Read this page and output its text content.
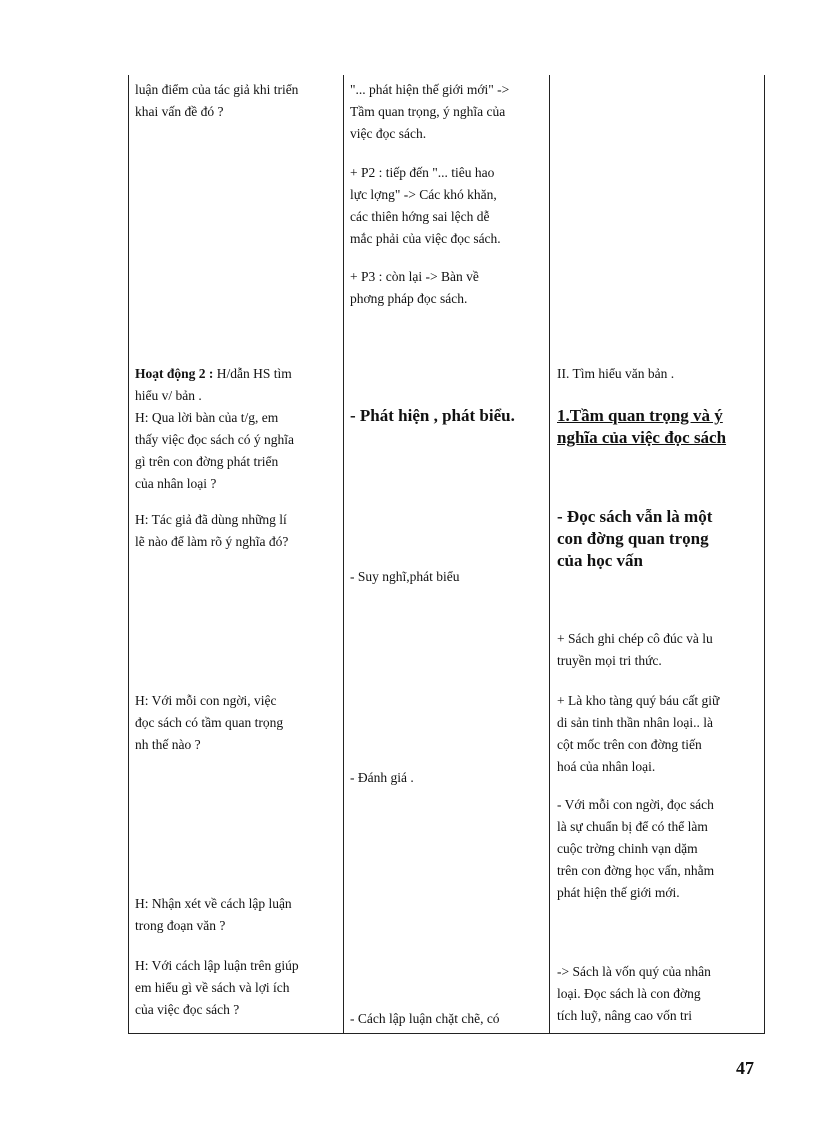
luận điểm của tác giả khi triển

khai vấn đề đó ?

Hoạt động 2 : H/dẫn HS tìm

hiểu v/ bản .

H: Qua lời bàn của t/g, em

thấy việc đọc sách có ý nghĩa

gì trên con đờng phát triển

của nhân loại ?

H: Tác giả đã dùng những lí

lẽ nào để làm rõ ý nghĩa đó?

H: Với mỗi con ngời, việc

đọc sách có tầm quan trọng

nh thế nào ?

H: Nhận xét về cách lập luận

trong đoạn văn ?

H: Với cách lập luận trên giúp

em hiểu gì về sách và lợi ích

của việc đọc sách ?

"... phát hiện thế giới mới" ->

Tầm quan trọng, ý nghĩa của

việc đọc sách.

+ P2 : tiếp đến "... tiêu hao

lực lợng" -> Các khó khăn,

các thiên hớng sai lệch dễ

mắc phải của việc đọc sách.

+ P3 : còn lại -> Bàn về

phơng pháp đọc sách.

- Phát hiện , phát biểu.
- Suy nghĩ,phát biểu
- Đánh giá .
- Cách lập luận chặt chẽ, có
II. Tìm hiểu văn bản .
1.Tầm quan trọng và ý
nghĩa của việc đọc sách
- Đọc sách vẫn là một
con đờng quan trọng
của học vấn

+ Sách ghi chép cô đúc và lu

truyền mọi tri thức.

+ Là kho tàng quý báu cất giữ

di sản tinh thần nhân loại.. là

cột mốc trên con đờng tiến

hoá của nhân loại.

- Với mỗi con ngời, đọc sách

là sự chuẩn bị để có thể làm

cuộc trờng chinh vạn dặm

trên con đờng học vấn, nhằm

phát hiện thế giới mới.

-> Sách là vốn quý của nhân

loại. Đọc sách là con đờng

tích luỹ, nâng cao vốn tri

47
